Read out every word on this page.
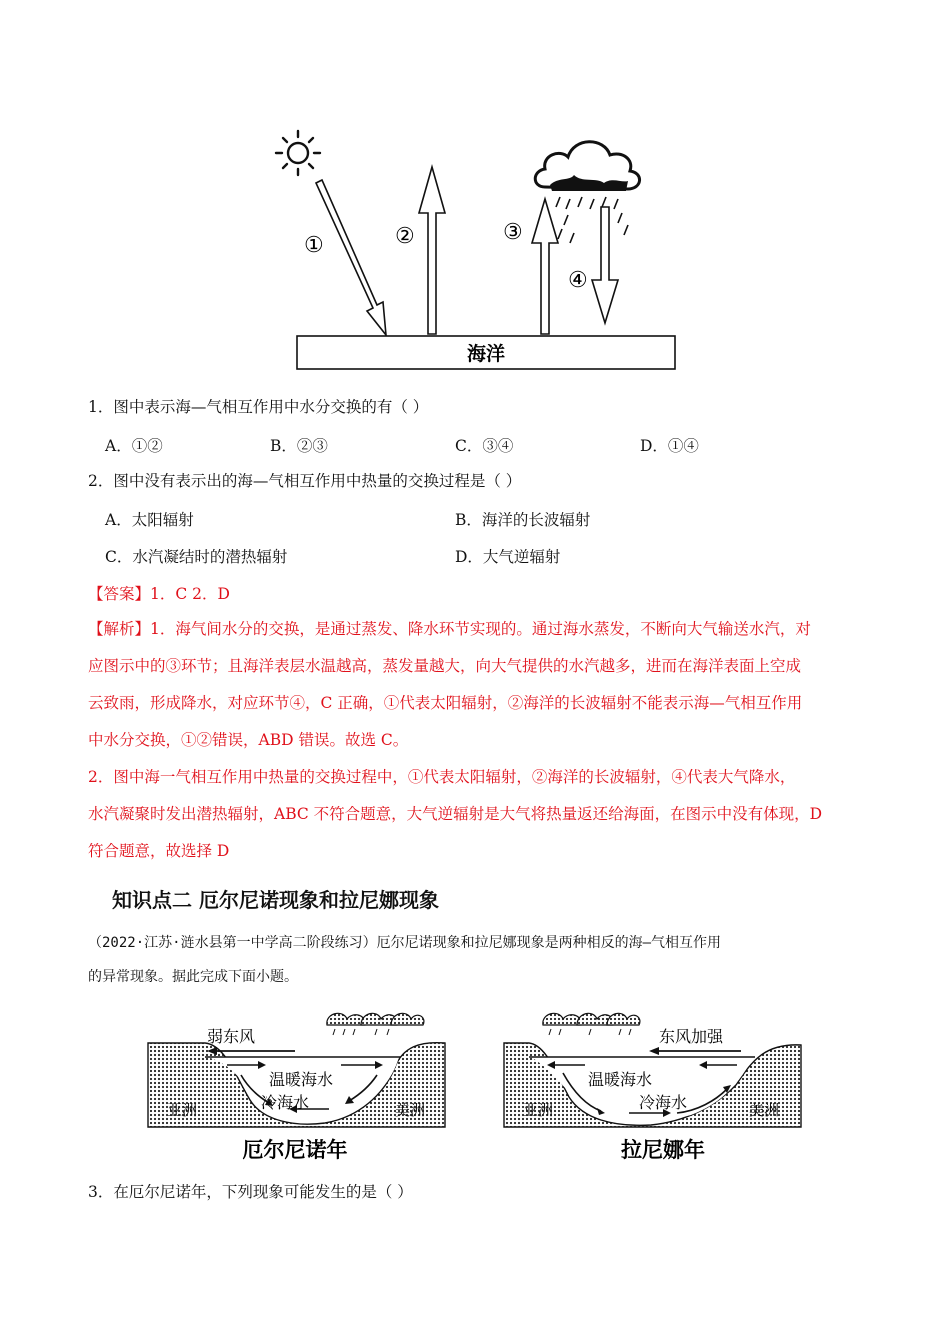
①	②	③
④
海洋
1．图中表示海—气相互作用中水分交换的有（ ）
A．①②	B．②③	C．③④	D．①④
2．图中没有表示出的海—气相互作用中热量的交换过程是（ ）
A．太阳辐射	B．海洋的长波辐射
C．水汽凝结时的潜热辐射	D．大气逆辐射
【答案】1．C 2．D
【解析】1．海气间水分的交换，是通过蒸发、降水环节实现的。通过海水蒸发，不断向大气输送水汽，对
应图示中的③环节；且海洋表层水温越高，蒸发量越大，向大气提供的水汽越多，进而在海洋表面上空成
云致雨，形成降水，对应环节④，C 正确，①代表太阳辐射，②海洋的长波辐射不能表示海—气相互作用
中水分交换，①②错误，ABD 错误。故选 C。
2．图中海一气相互作用中热量的交换过程中，①代表太阳辐射，②海洋的长波辐射，④代表大气降水，
水汽凝聚时发出潜热辐射，ABC 不符合题意，大气逆辐射是大气将热量返还给海面，在图示中没有体现，D
符合题意，故选择 D
知识点二 厄尔尼诺现象和拉尼娜现象
（2022·江苏·涟水县第一中学高二阶段练习）厄尔尼诺现象和拉尼娜现象是两种相反的海—气相互作用
的异常现象。据此完成下面小题。
弱东风
温暖海水
冷海水
亚洲	美洲
厄尔尼诺年
东风加强
温暖海水
冷海水
亚洲	美洲
拉尼娜年
3．在厄尔尼诺年，下列现象可能发生的是（ ）
